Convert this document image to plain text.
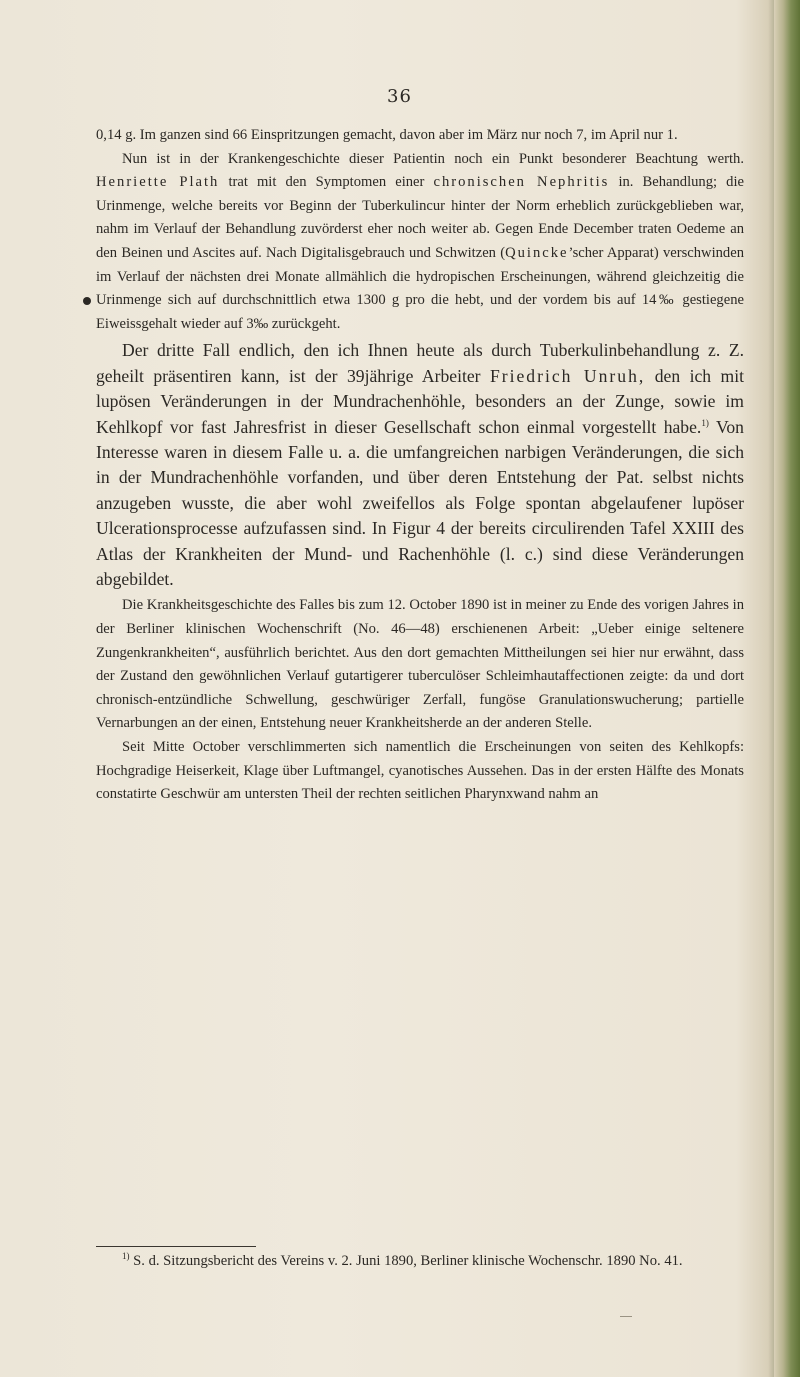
36

0,14 g. Im ganzen sind 66 Einspritzungen gemacht, davon aber im März nur noch 7, im April nur 1.

Nun ist in der Krankengeschichte dieser Patientin noch ein Punkt besonderer Beachtung werth. Henriette Plath trat mit den Symptomen einer chronischen Nephritis in. Behandlung; die Urinmenge, welche bereits vor Beginn der Tuberkulincur hinter der Norm erheblich zurückgeblieben war, nahm im Verlauf der Behandlung zuvörderst eher noch weiter ab. Gegen Ende December traten Oedeme an den Beinen und Ascites auf. Nach Digitalisgebrauch und Schwitzen (Quincke’scher Apparat) verschwinden im Verlauf der nächsten drei Monate allmählich die hydropischen Erscheinungen, während gleichzeitig die Urinmenge sich auf durchschnittlich etwa 1300 g pro die hebt, und der vordem bis auf 14‰ gestiegene Eiweissgehalt wieder auf 3‰ zurückgeht.

Der dritte Fall endlich, den ich Ihnen heute als durch Tuberkulinbehandlung z. Z. geheilt präsentiren kann, ist der 39jährige Arbeiter Friedrich Unruh, den ich mit lupösen Veränderungen in der Mundrachenhöhle, besonders an der Zunge, sowie im Kehlkopf vor fast Jahresfrist in dieser Gesellschaft schon einmal vorgestellt habe.$^{1)}$ Von Interesse waren in diesem Falle u. a. die umfangreichen narbigen Veränderungen, die sich in der Mundrachenhöhle vorfanden, und über deren Entstehung der Pat. selbst nichts anzugeben wusste, die aber wohl zweifellos als Folge spontan abgelaufener lupöser Ulcerationsprocesse aufzufassen sind. In Figur 4 der bereits circulirenden Tafel XXIII des Atlas der Krankheiten der Mund- und Rachenhöhle (l. c.) sind diese Veränderungen abgebildet.

Die Krankheitsgeschichte des Falles bis zum 12. October 1890 ist in meiner zu Ende des vorigen Jahres in der Berliner klinischen Wochenschrift (No. 46—48) erschienenen Arbeit: „Ueber einige seltenere Zungenkrankheiten“, ausführlich berichtet. Aus den dort gemachten Mittheilungen sei hier nur erwähnt, dass der Zustand den gewöhnlichen Verlauf gutartigerer tuberculöser Schleimhautaffectionen zeigte: da und dort chronisch-entzündliche Schwellung, geschwüriger Zerfall, fungöse Granulationswucherung; partielle Vernarbungen an der einen, Entstehung neuer Krankheitsherde an der anderen Stelle.

Seit Mitte October verschlimmerten sich namentlich die Erscheinungen von seiten des Kehlkopfs: Hochgradige Heiserkeit, Klage über Luftmangel, cyanotisches Aussehen. Das in der ersten Hälfte des Monats constatirte Geschwür am untersten Theil der rechten seitlichen Pharynxwand nahm an

$^{1)}$ S. d. Sitzungsbericht des Vereins v. 2. Juni 1890, Berliner klinische Wochenschr. 1890 No. 41.
